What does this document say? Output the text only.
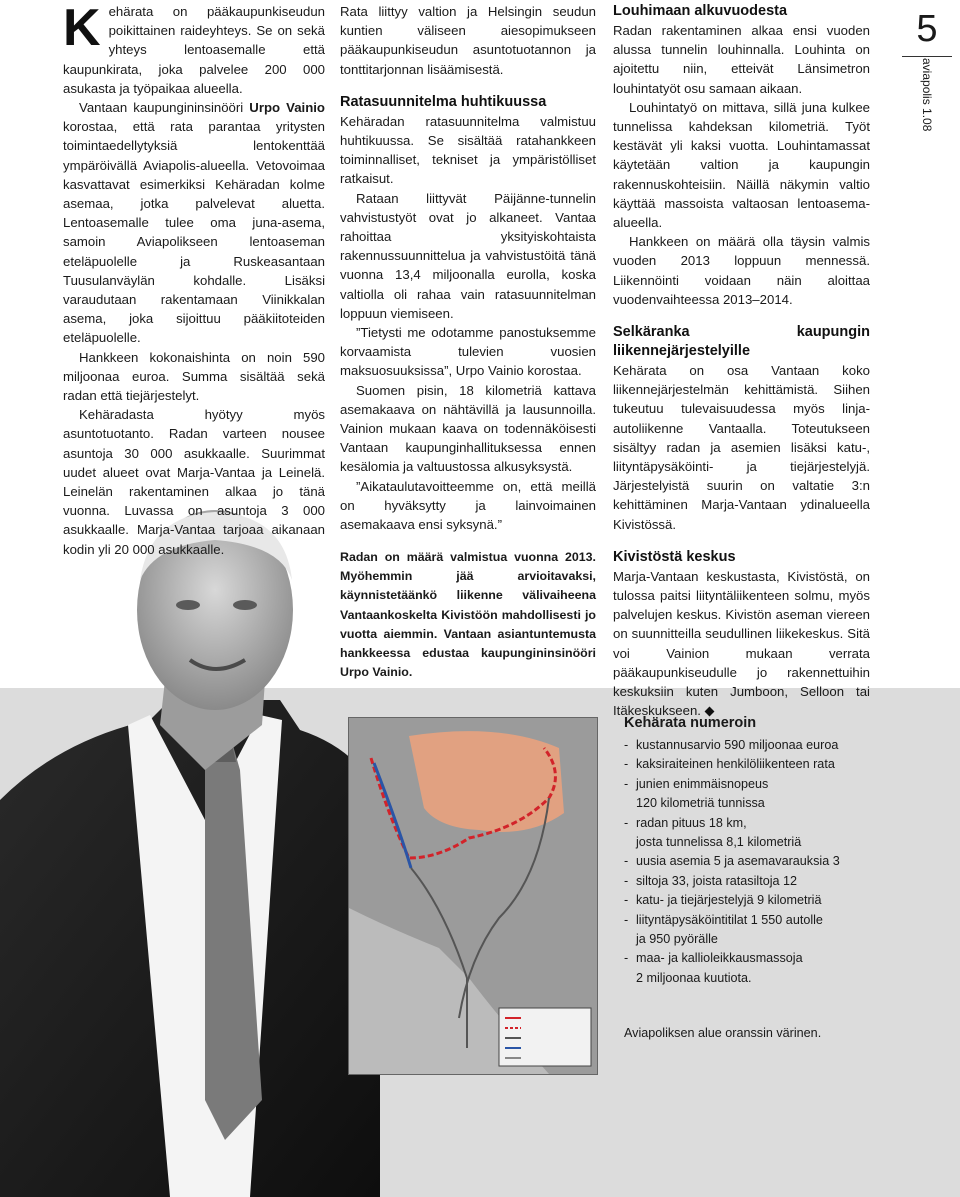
K ehärata on pääkaupunkiseudun poikittainen raideyhteys. Se on sekä yhteys lentoasemalle että kaupunkirata, joka palvelee 200 000 asukasta ja työpaikaa alueella.

Vantaan kaupungininsinööri Urpo Vainio korostaa, että rata parantaa yritysten toimintaedellytyksiä lentokenttää ympäröivällä Aviapolis-alueella. Vetovoimaa kasvattavat esimerkiksi Kehäradan kolme asemaa, jotka palvelevat aluetta. Lentoasemalle tulee oma juna-asema, samoin Aviapolikseen lentoaseman eteläpuolelle ja Ruskeasantaan Tuusulanväylän kohdalle. Lisäksi varaudutaan rakentamaan Viinikkalan asema, joka sijoittuu pääkiitoteiden eteläpuolelle.

Hankkeen kokonaishinta on noin 590 miljoonaa euroa. Summa sisältää sekä radan että tiejärjestelyt.

Kehäradasta hyötyy myös asuntotuotanto. Radan varteen nousee asuntoja 30 000 asukkaalle. Suurimmat uudet alueet ovat Marja-Vantaa ja Leinelä. Leinelän rakentaminen alkaa jo tänä vuonna. Luvassa on asuntoja 3 000 asukkaalle. Marja-Vantaa tarjoaa aikanaan kodin yli 20 000 asukkaalle.

Rata liittyy valtion ja Helsingin seudun kuntien väliseen aiesopimukseen pääkaupunkiseudun asuntotuotannon ja tonttitarjonnan lisäämisestä.

Ratasuunnitelma huhtikuussa

Kehäradan ratasuunnitelma valmistuu huhtikuussa. Se sisältää ratahankkeen toiminnalliset, tekniset ja ympäristölliset ratkaisut.

Rataan liittyvät Päijänne-tunnelin vahvistustyöt ovat jo alkaneet. Vantaa rahoittaa yksityiskohtaista rakennussuunnittelua ja vahvistustöitä tänä vuonna 13,4 miljoonalla eurolla, koska valtiolla oli rahaa vain ratasuunnitelman loppuun viemiseen.

”Tietysti me odotamme panostuksemme korvaamista tulevien vuosien maksuosuuksissa”, Urpo Vainio korostaa.

Suomen pisin, 18 kilometriä kattava asemakaava on nähtävillä ja lausunnoilla. Vainion mukaan kaava on todennäköisesti Vantaan kaupunginhallituksessa ennen kesälomia ja valtuustossa alkusyksystä.

”Aikataulutavoitteemme on, että meillä on hyväksytty ja lainvoimainen asemakaava ensi syksynä.”

Radan on määrä valmistua vuonna 2013. Myöhemmin jää arvioitavaksi, käynnistetäänkö liikenne välivaiheena Vantaankoskelta Kivistöön mahdollisesti jo vuotta aiemmin. Vantaan asiantuntemusta hankkeessa edustaa kaupungininsinööri Urpo Vainio.
Louhimaan alkuvuodesta

Radan rakentaminen alkaa ensi vuoden alussa tunnelin louhinnalla. Louhinta on ajoitettu niin, etteivät Länsimetron louhintatyöt osu samaan aikaan.

Louhintatyö on mittava, sillä juna kulkee tunnelissa kahdeksan kilometriä. Työt kestävät yli kaksi vuotta. Louhintamassat käytetään valtion ja kaupungin rakennuskohteisiin. Näillä näkymin valtio käyttää massoista valtaosan lentoasema-alueella.

Hankkeen on määrä olla täysin valmis vuoden 2013 loppuun mennessä. Liikennöinti voidaan näin aloittaa vuodenvaihteessa 2013–2014.

Selkäranka kaupungin liikennejärjestelyille

Kehärata on osa Vantaan koko liikennejärjestelmän kehittämistä. Siihen tukeutuu tulevaisuudessa myös linja-autoliikenne Vantaalla. Toteutukseen sisältyy radan ja asemien lisäksi katu-, liityntäpysäköinti- ja tiejärjestelyjä. Järjestelyistä suurin on valtatie 3:n kehittäminen Marja-Vantaan ydinalueella Kivistössä.

Kivistöstä keskus

Marja-Vantaan keskustasta, Kivistöstä, on tulossa paitsi liityntäliikenteen solmu, myös palvelujen keskus. Kivistön aseman viereen on suunnitteilla seudullinen liikekeskus. Sitä voi Vainion mukaan verrata pääkaupunkiseudulle jo rakennettuihin keskuksiin kuten Jumboon, Selloon tai Itäkeskukseen.

5
aviapolis 1.08
Kehärata numeroin
- kustannusarvio 590 miljoonaa euroa
- kaksiraiteinen henkilöliikenteen rata
- junien enimmäisnopeus
120 kilometriä tunnissa
- radan pituus 18 km,
josta tunnelissa 8,1 kilometriä
- uusia asemia 5 ja asemavarauksia 3
- siltoja 33, joista ratasiltoja 12
- katu- ja tiejärjestelyjä 9 kilometriä
- liityntäpysäköintitilat 1 550 autolle
ja 950 pyörälle
- maa- ja kallioleikkausmassoja
2 miljoonaa kuutiota.
Aviapoliksen alue oranssin värinen.
